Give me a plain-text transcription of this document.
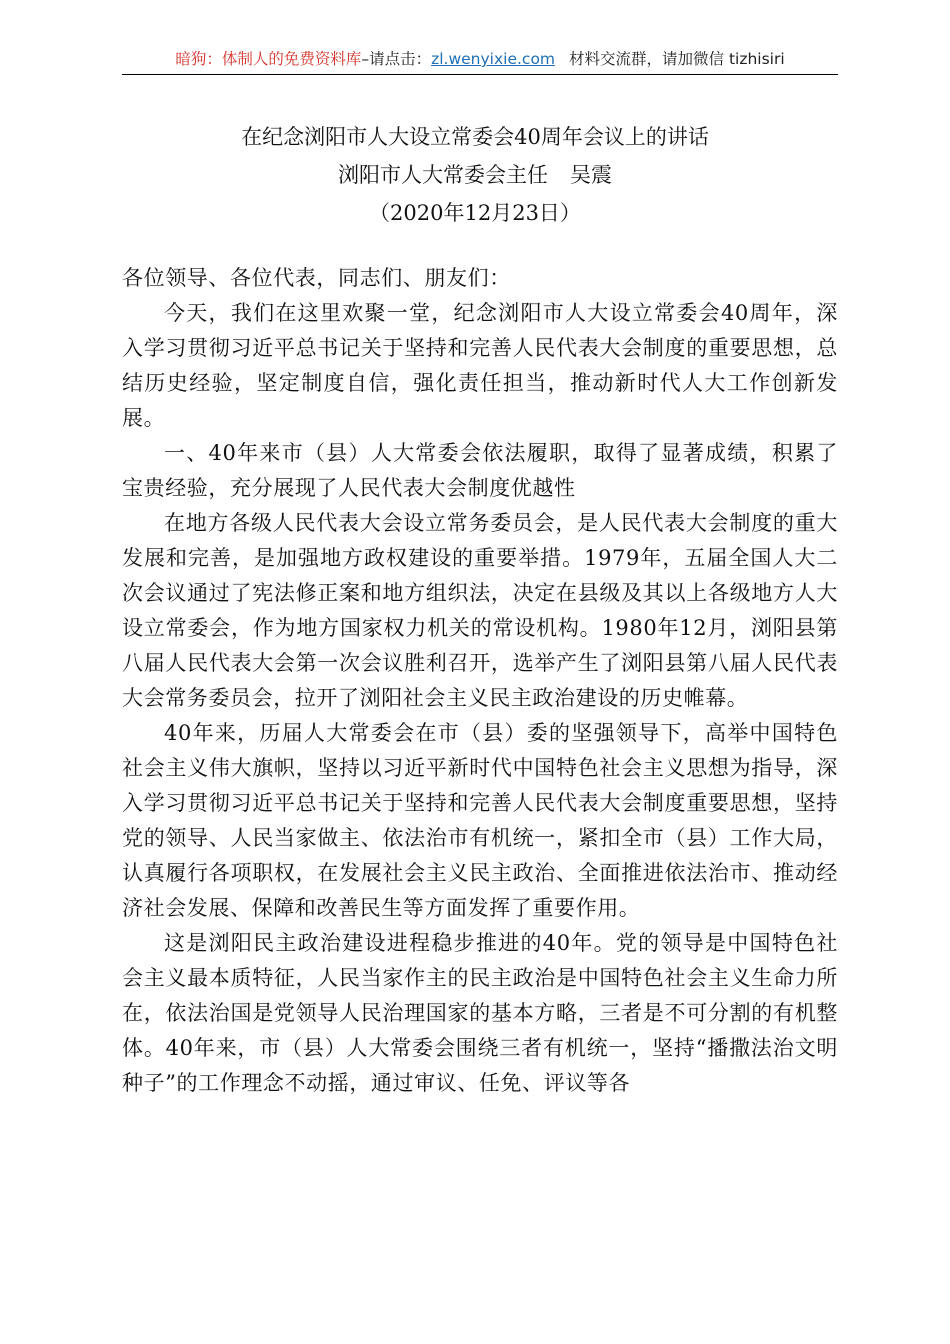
暗狗：体制人的免费资料库–请点击：zl.wenyixie.com 材料交流群，请加微信 tizhisiri
在纪念浏阳市人大设立常委会40周年会议上的讲话
浏阳市人大常委会主任 吴震
（2020年12月23日）

各位领导、各位代表，同志们、朋友们：

今天，我们在这里欢聚一堂，纪念浏阳市人大设立常委会40周年，深入学习贯彻习近平总书记关于坚持和完善人民代表大会制度的重要思想，总结历史经验，坚定制度自信，强化责任担当，推动新时代人大工作创新发展。

一、40年来市（县）人大常委会依法履职，取得了显著成绩，积累了宝贵经验，充分展现了人民代表大会制度优越性

在地方各级人民代表大会设立常务委员会，是人民代表大会制度的重大发展和完善，是加强地方政权建设的重要举措。1979年，五届全国人大二次会议通过了宪法修正案和地方组织法，决定在县级及其以上各级地方人大设立常委会，作为地方国家权力机关的常设机构。1980年12月，浏阳县第八届人民代表大会第一次会议胜利召开，选举产生了浏阳县第八届人民代表大会常务委员会，拉开了浏阳社会主义民主政治建设的历史帷幕。

40年来，历届人大常委会在市（县）委的坚强领导下，高举中国特色社会主义伟大旗帜，坚持以习近平新时代中国特色社会主义思想为指导，深入学习贯彻习近平总书记关于坚持和完善人民代表大会制度重要思想，坚持党的领导、人民当家做主、依法治市有机统一，紧扣全市（县）工作大局，认真履行各项职权，在发展社会主义民主政治、全面推进依法治市、推动经济社会发展、保障和改善民生等方面发挥了重要作用。

这是浏阳民主政治建设进程稳步推进的40年。党的领导是中国特色社会主义最本质特征，人民当家作主的民主政治是中国特色社会主义生命力所在，依法治国是党领导人民治理国家的基本方略，三者是不可分割的有机整体。40年来，市（县）人大常委会围绕三者有机统一，坚持“播撒法治文明种子”的工作理念不动摇，通过审议、任免、评议等各
